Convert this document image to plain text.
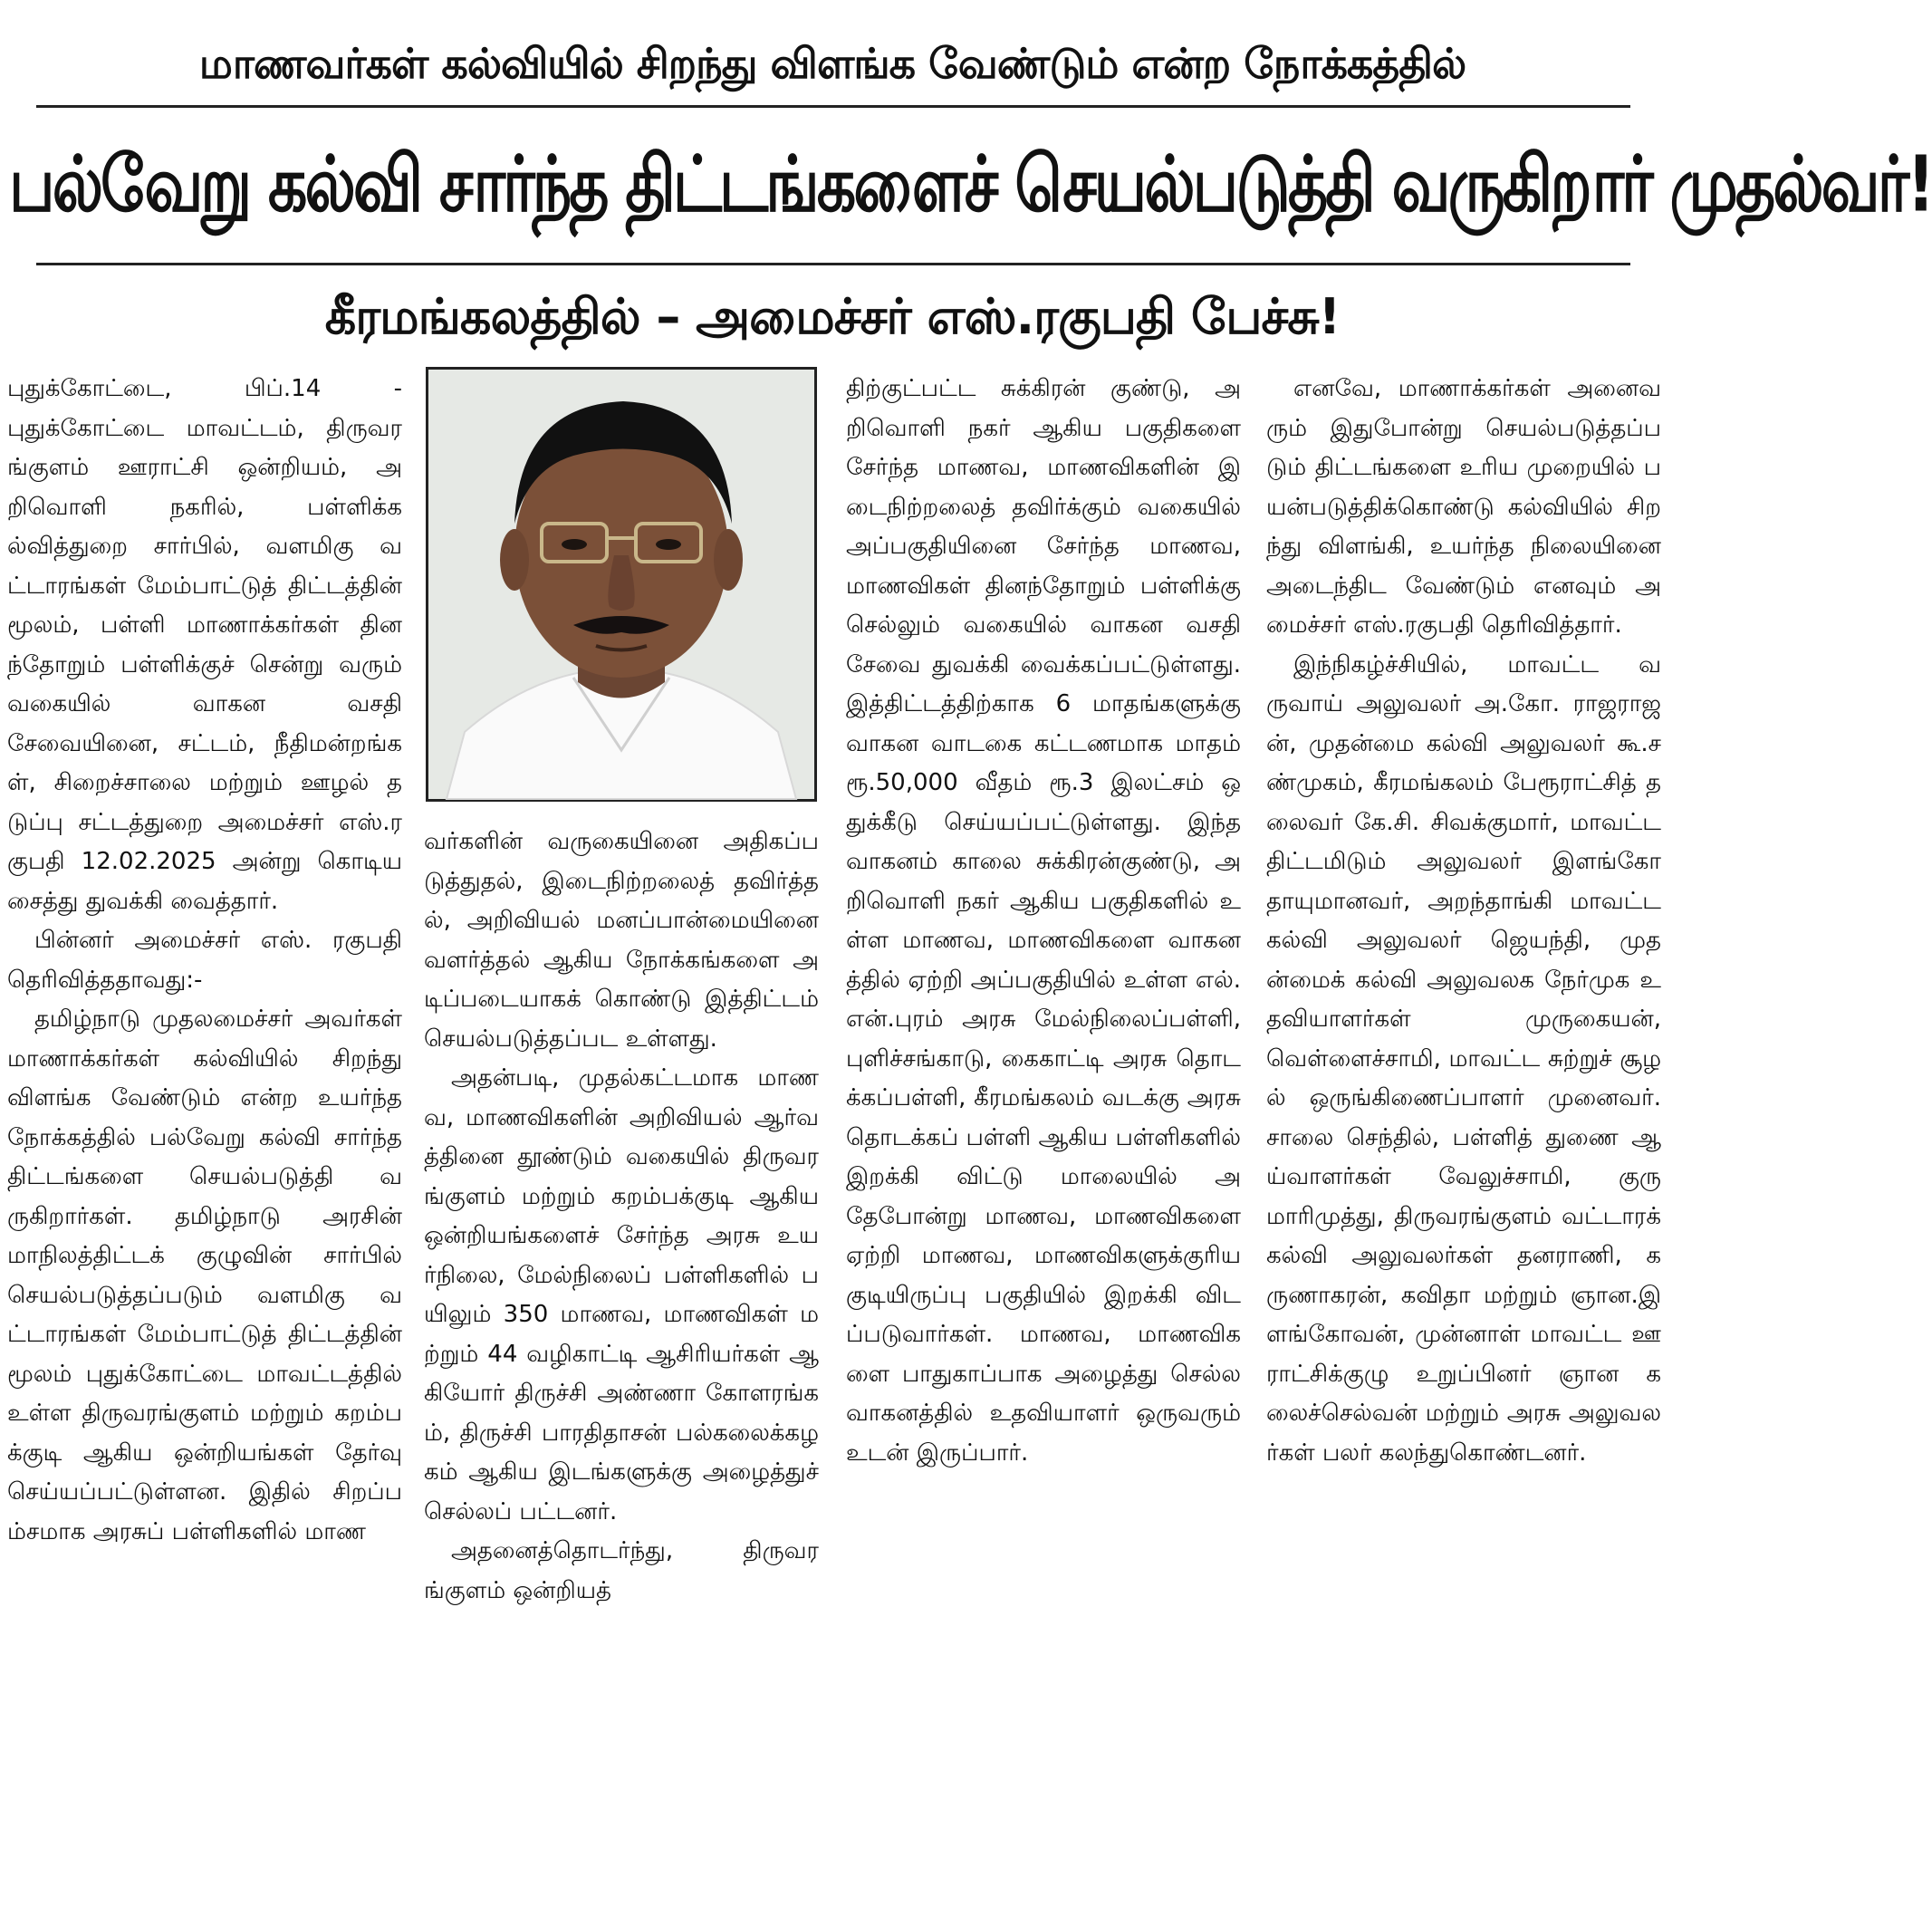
மாணவர்கள் கல்வியில் சிறந்து விளங்க வேண்டும் என்ற நோக்கத்தில்
பல்வேறு கல்வி சார்ந்த திட்டங்களைச் செயல்படுத்தி வருகிறார் முதல்வர்!
கீரமங்கலத்தில் – அமைச்சர் எஸ்.ரகுபதி பேச்சு!

புதுக்கோட்டை, பிப்.14 - புதுக்கோட்டை மாவட்டம், திருவரங்குளம் ஊராட்சி ஒன்றியம், அறிவொளி நகரில், பள்ளிக்கல்வித்துறை சார்பில், வளமிகு வட்டாரங்கள் மேம்பாட்டுத் திட்டத்தின் மூலம், பள்ளி மாணாக்கர்கள் தினந்தோறும் பள்ளிக்குச் சென்று வரும் வகையில் வாகன வசதி சேவையினை, சட்டம், நீதிமன்றங்கள், சிறைச்சாலை மற்றும் ஊழல் தடுப்பு சட்டத்துறை அமைச்சர் எஸ்.ரகுபதி 12.02.2025 அன்று கொடியசைத்து துவக்கி வைத்தார்.

பின்னர் அமைச்சர் எஸ். ரகுபதி தெரிவித்ததாவது:-

தமிழ்நாடு முதலமைச்சர் அவர்கள் மாணாக்கர்கள் கல்வியில் சிறந்து விளங்க வேண்டும் என்ற உயர்ந்த நோக்கத்தில் பல்வேறு கல்வி சார்ந்த திட்டங்களை செயல்படுத்தி வருகிறார்கள். தமிழ்நாடு அரசின் மாநிலத்திட்டக் குழுவின் சார்பில் செயல்படுத்தப்படும் வளமிகு வட்டாரங்கள் மேம்பாட்டுத் திட்டத்தின் மூலம் புதுக்கோட்டை மாவட்டத்தில் உள்ள திருவரங்குளம் மற்றும் கறம்பக்குடி ஆகிய ஒன்றியங்கள் தேர்வு செய்யப்பட்டுள்ளன. இதில் சிறப்பம்சமாக அரசுப் பள்ளிகளில் மாண

வர்களின் வருகையினை அதிகப்படுத்துதல், இடைநிற்றலைத் தவிர்த்தல், அறிவியல் மனப்பான்மையினை வளர்த்தல் ஆகிய நோக்கங்களை அடிப்படையாகக் கொண்டு இத்திட்டம் செயல்படுத்தப்பட உள்ளது.

அதன்படி, முதல்கட்டமாக மாணவ, மாணவிகளின் அறிவியல் ஆர்வத்தினை தூண்டும் வகையில் திருவரங்குளம் மற்றும் கறம்பக்குடி ஆகிய ஒன்றியங்களைச் சேர்ந்த அரசு உயர்நிலை, மேல்நிலைப் பள்ளிகளில் பயிலும் 350 மாணவ, மாணவிகள் மற்றும் 44 வழிகாட்டி ஆசிரியர்கள் ஆகியோர் திருச்சி அண்ணா கோளரங்கம், திருச்சி பாரதிதாசன் பல்கலைக்கழகம் ஆகிய இடங்களுக்கு அழைத்துச் செல்லப் பட்டனர்.

அதனைத்தொடர்ந்து, திருவரங்குளம் ஒன்றியத்

திற்குட்பட்ட சுக்கிரன் குண்டு, அறிவொளி நகர் ஆகிய பகுதிகளை சேர்ந்த மாணவ, மாணவிகளின் இடைநிற்றலைத் தவிர்க்கும் வகையில் அப்பகுதியினை சேர்ந்த மாணவ, மாணவிகள் தினந்தோறும் பள்ளிக்கு செல்லும் வகையில் வாகன வசதி சேவை துவக்கி வைக்கப்பட்டுள்ளது. இத்திட்டத்திற்காக 6 மாதங்களுக்கு வாகன வாடகை கட்டணமாக மாதம் ரூ.50,000 வீதம் ரூ.3 இலட்சம் ஒதுக்கீடு செய்யப்பட்டுள்ளது. இந்த வாகனம் காலை சுக்கிரன்குண்டு, அறிவொளி நகர் ஆகிய பகுதிகளில் உள்ள மாணவ, மாணவிகளை வாகனத்தில் ஏற்றி அப்பகுதியில் உள்ள எல்.என்.புரம் அரசு மேல்நிலைப்பள்ளி, புளிச்சங்காடு, கைகாட்டி அரசு தொடக்கப்பள்ளி, கீரமங்கலம் வடக்கு அரசு தொடக்கப் பள்ளி ஆகிய பள்ளிகளில் இறக்கி விட்டு மாலையில் அதேபோன்று மாணவ, மாணவிகளை ஏற்றி மாணவ, மாணவிகளுக்குரிய குடியிருப்பு பகுதியில் இறக்கி விடப்படுவார்கள். மாணவ, மாணவிகளை பாதுகாப்பாக அழைத்து செல்ல வாகனத்தில் உதவியாளர் ஒருவரும் உடன் இருப்பார்.

எனவே, மாணாக்கர்கள் அனைவரும் இதுபோன்று செயல்படுத்தப்படும் திட்டங்களை உரிய முறையில் பயன்படுத்திக்கொண்டு கல்வியில் சிறந்து விளங்கி, உயர்ந்த நிலையினை அடைந்திட வேண்டும் எனவும் அமைச்சர் எஸ்.ரகுபதி தெரிவித்தார்.

இந்நிகழ்ச்சியில், மாவட்ட வருவாய் அலுவலர் அ.கோ. ராஜராஜன், முதன்மை கல்வி அலுவலர் கூ.சண்முகம், கீரமங்கலம் பேரூராட்சித் தலைவர் கே.சி. சிவக்குமார், மாவட்ட திட்டமிடும் அலுவலர் இளங்கோ தாயுமானவர், அறந்தாங்கி மாவட்ட கல்வி அலுவலர் ஜெயந்தி, முதன்மைக் கல்வி அலுவலக நேர்முக உதவியாளர்கள் முருகையன், வெள்ளைச்சாமி, மாவட்ட சுற்றுச் சூழல் ஒருங்கிணைப்பாளர் முனைவர். சாலை செந்தில், பள்ளித் துணை ஆய்வாளர்கள் வேலுச்சாமி, குரு மாரிமுத்து, திருவரங்குளம் வட்டாரக் கல்வி அலுவலர்கள் தனராணி, கருணாகரன், கவிதா மற்றும் ஞான.இளங்கோவன், முன்னாள் மாவட்ட ஊராட்சிக்குழு உறுப்பினர் ஞான கலைச்செல்வன் மற்றும் அரசு அலுவலர்கள் பலர் கலந்துகொண்டனர்.
